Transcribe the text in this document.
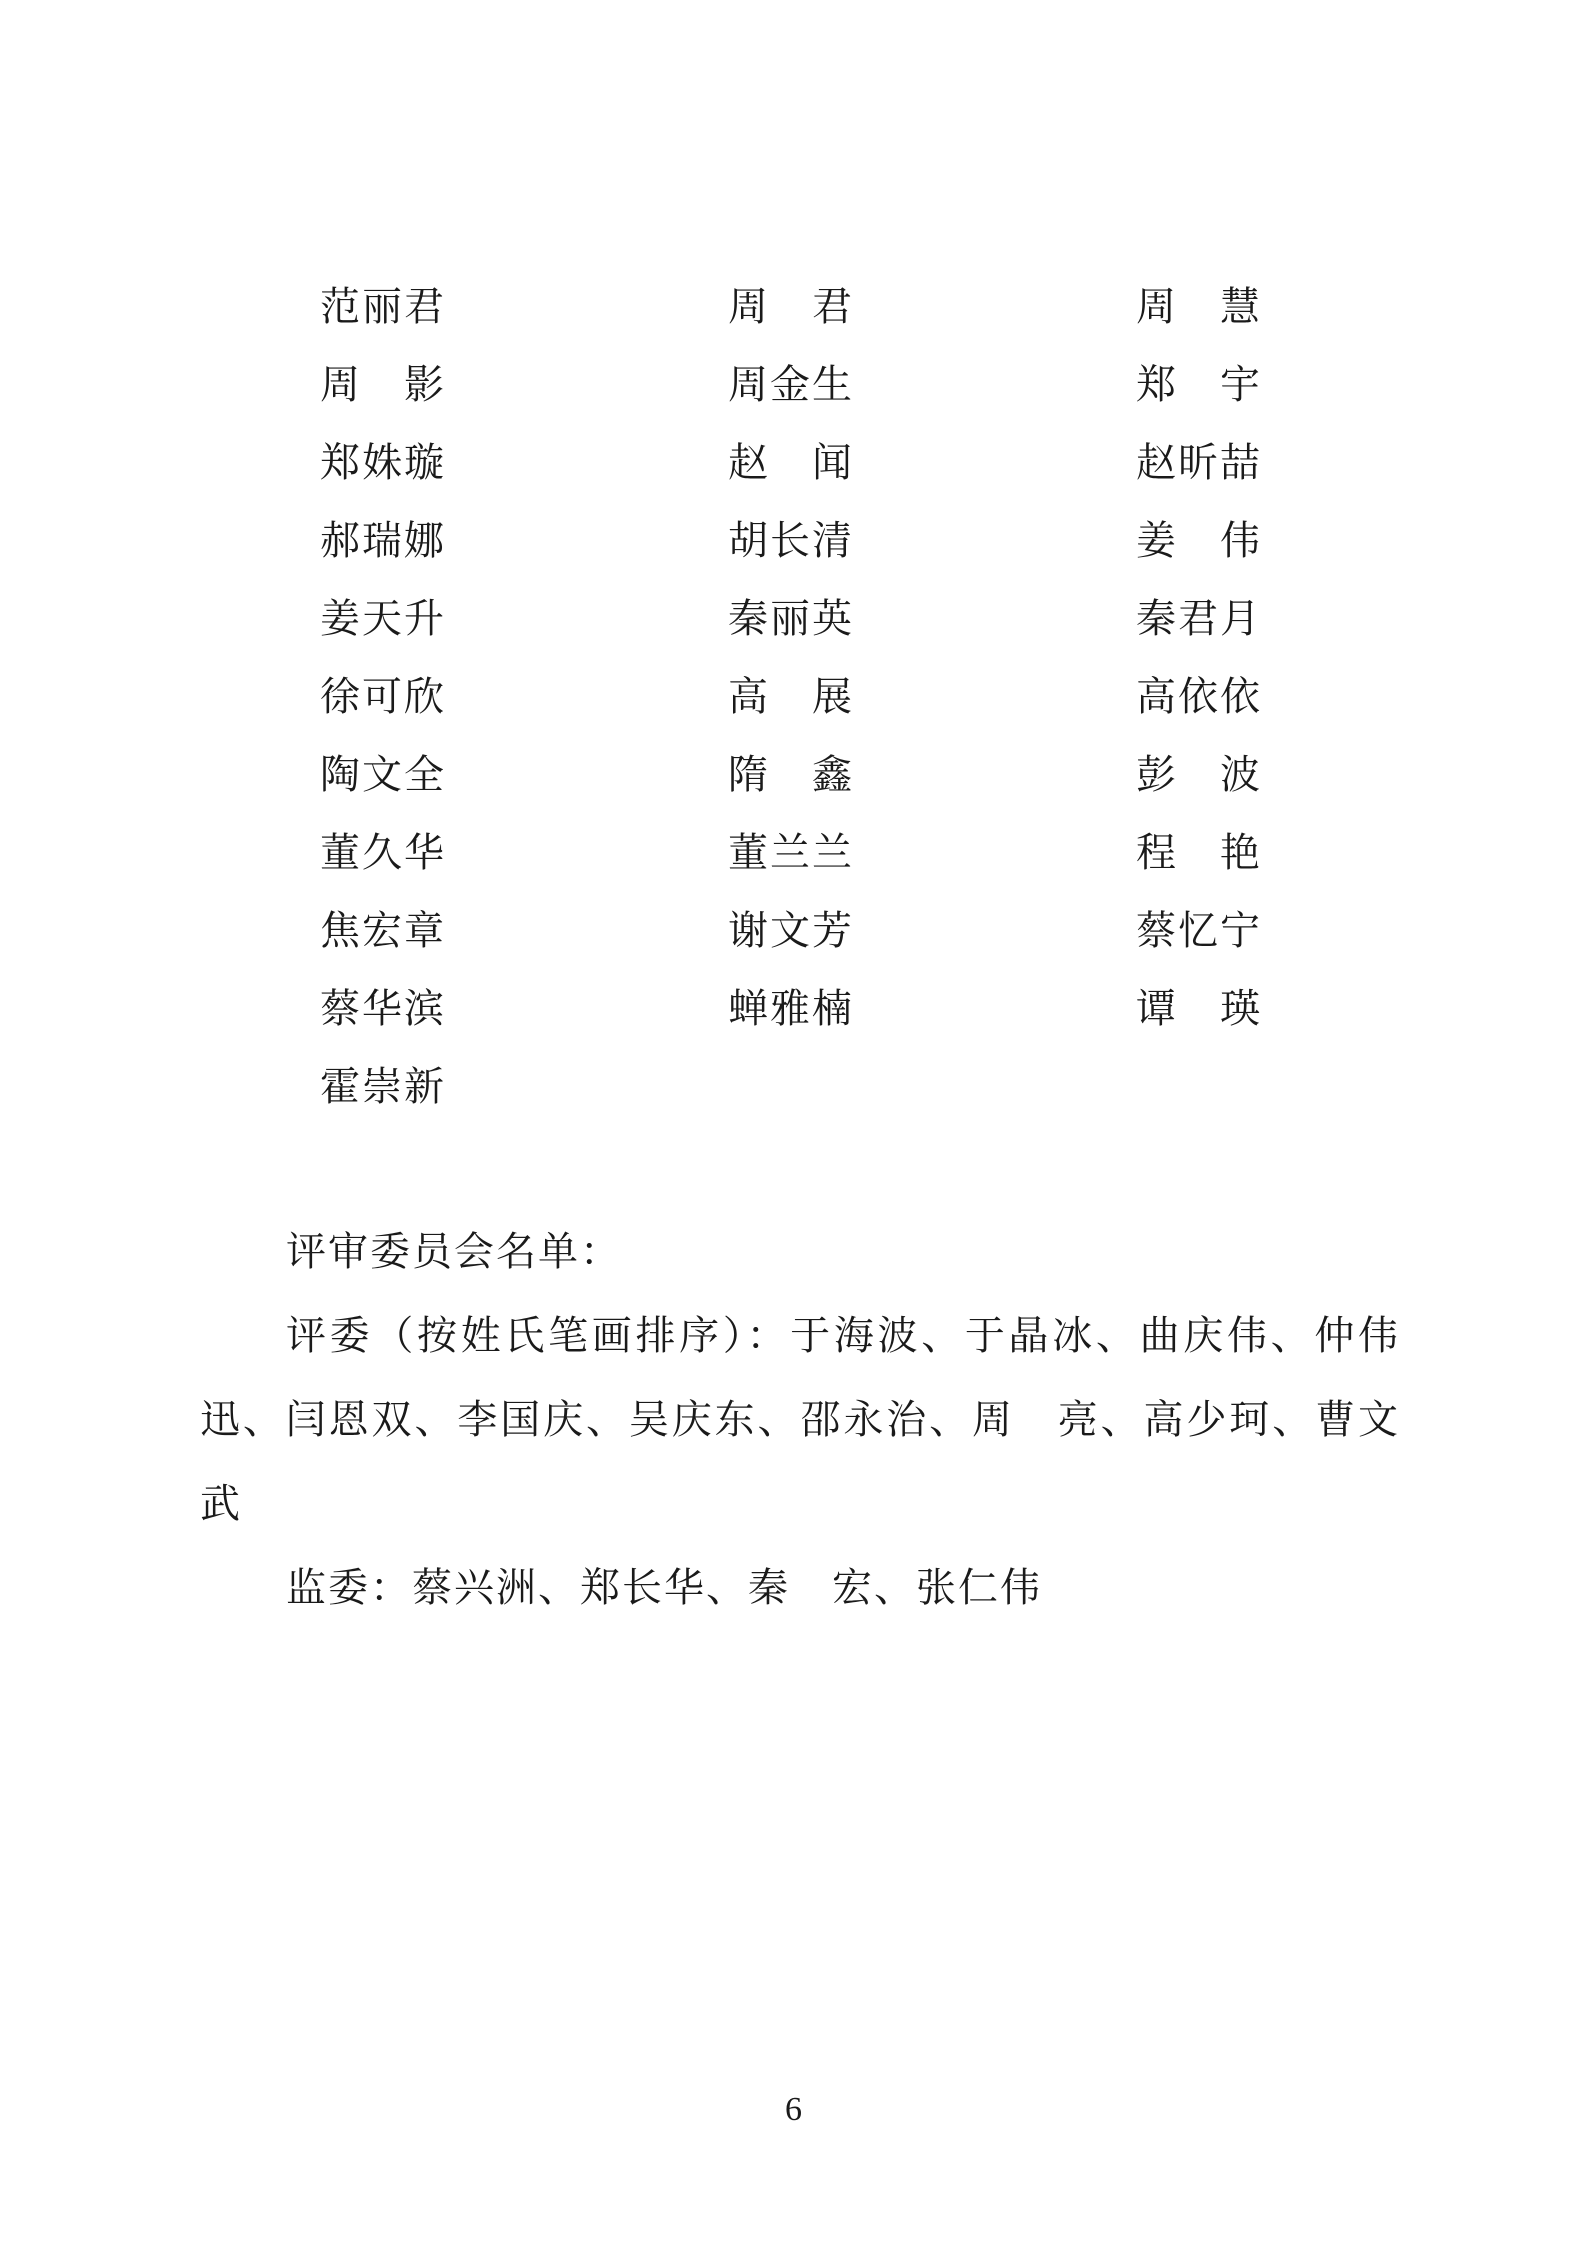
范丽君	周　君	周　慧
周　影	周金生	郑　宇
郑姝璇	赵　闻	赵昕喆
郝瑞娜	胡长清	姜　伟
姜天升	秦丽英	秦君月
徐可欣	高　展	高依依
陶文全	隋　鑫	彭　波
董久华	董兰兰	程　艳
焦宏章	谢文芳	蔡忆宁
蔡华滨	蝉雅楠	谭　瑛
霍崇新
评审委员会名单：
评委（按姓氏笔画排序）：于海波、于晶冰、曲庆伟、仲伟迅、闫恩双、李国庆、吴庆东、邵永治、周　亮、高少珂、曹文武
监委：蔡兴洲、郑长华、秦　宏、张仁伟
6
